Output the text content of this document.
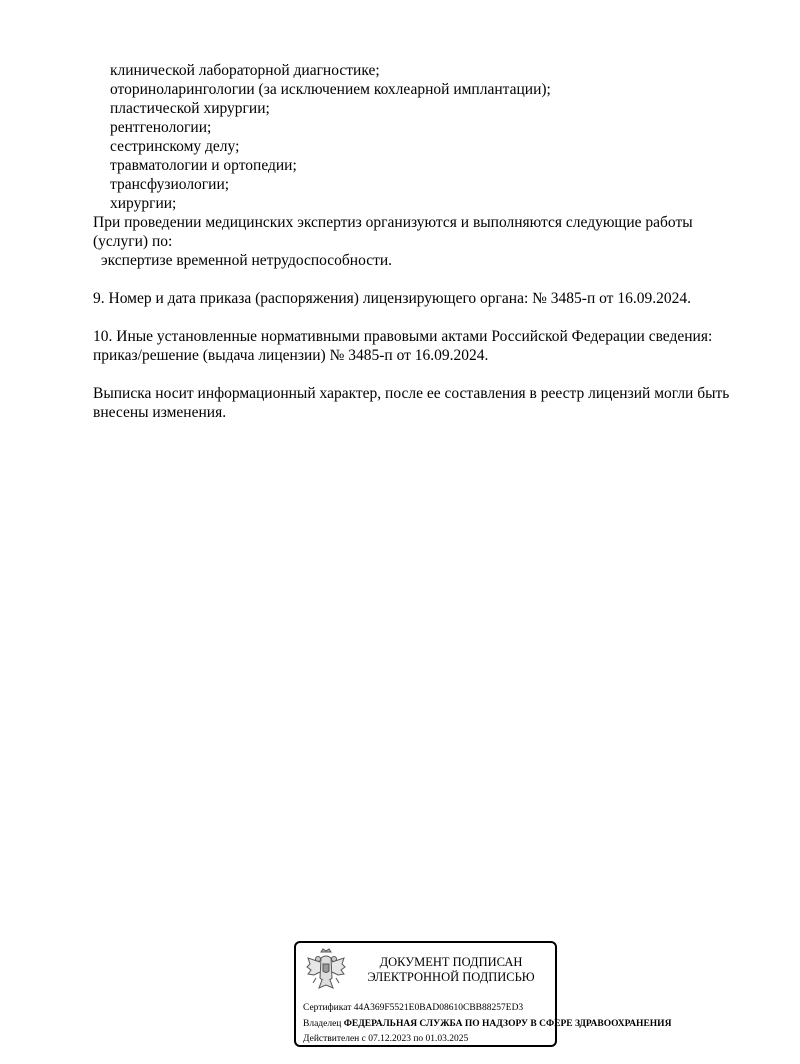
клинической лабораторной диагностике;
оториноларингологии (за исключением кохлеарной имплантации);
пластической хирургии;
рентгенологии;
сестринскому делу;
травматологии и ортопедии;
трансфузиологии;
хирургии;
При проведении медицинских экспертиз организуются и выполняются следующие работы
(услуги) по:
экспертизе временной нетрудоспособности.
9. Номер и дата приказа (распоряжения) лицензирующего органа: № 3485-п от 16.09.2024.
10. Иные установленные нормативными правовыми актами Российской Федерации сведения:
приказ/решение (выдача лицензии) № 3485-п от 16.09.2024.
Выписка носит информационный характер, после ее составления в реестр лицензий могли быть
внесены изменения.
ДОКУМЕНТ ПОДПИСАН
ЭЛЕКТРОННОЙ ПОДПИСЬЮ
Сертификат 44A369F5521E0BAD08610CBB88257ED3
Владелец ФЕДЕРАЛЬНАЯ СЛУЖБА ПО НАДЗОРУ В СФЕРЕ ЗДРАВООХРАНЕНИЯ
Действителен с 07.12.2023 по 01.03.2025
